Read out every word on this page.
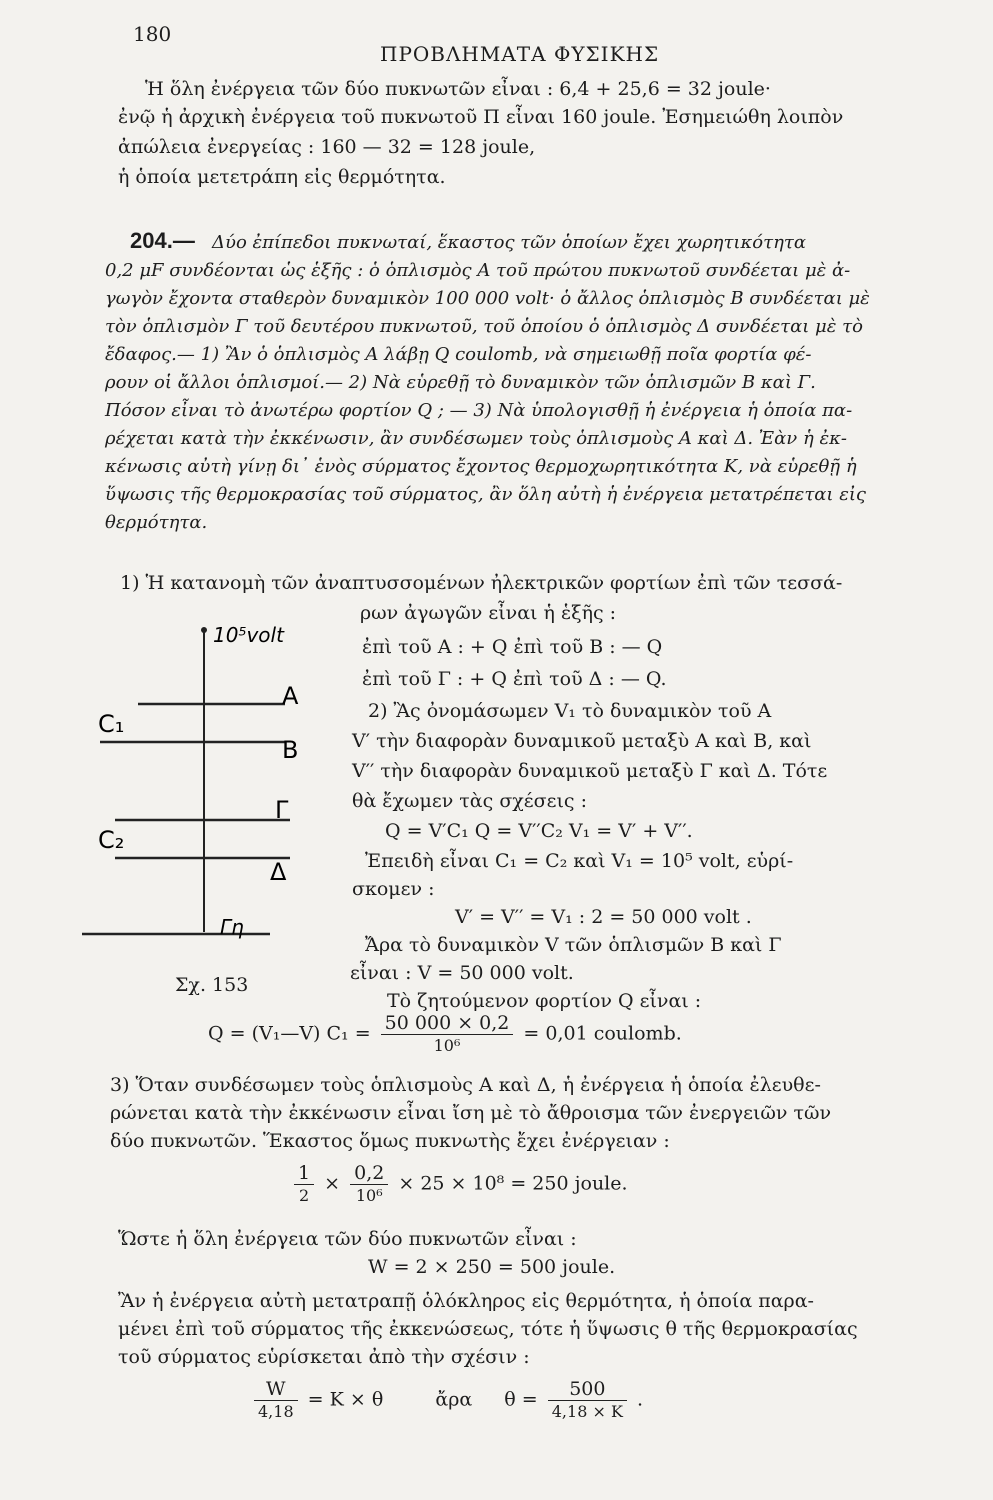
180
ΠΡΟΒΛΗΜΑΤΑ ΦΥΣΙΚΗΣ
Ἡ ὅλη ἐνέργεια τῶν δύο πυκνωτῶν εἶναι : 6,4 + 25,6 = 32 joule·
ἐνῷ ἡ ἀρχικὴ ἐνέργεια τοῦ πυκνωτοῦ Π εἶναι 160 joule. Ἐσημειώθη λοιπὸν
ἀπώλεια ἐνεργείας : 160 — 32 = 128 joule,
ἡ ὁποία μετετράπη εἰς θερμότητα.
204.— Δύο ἐπίπεδοι πυκνωταί, ἕκαστος τῶν ὁποίων ἔχει χωρητικότητα
0,2 μF συνδέονται ὡς ἑξῆς : ὁ ὁπλισμὸς Α τοῦ πρώτου πυκνωτοῦ συνδέεται μὲ ἀ-
γωγὸν ἔχοντα σταθερὸν δυναμικὸν 100 000 volt· ὁ ἄλλος ὁπλισμὸς Β συνδέεται μὲ
τὸν ὁπλισμὸν Γ τοῦ δευτέρου πυκνωτοῦ, τοῦ ὁποίου ὁ ὁπλισμὸς Δ συνδέεται μὲ τὸ
ἔδαφος.— 1) Ἂν ὁ ὁπλισμὸς Α λάβῃ Q coulomb, νὰ σημειωθῇ ποῖα φορτία φέ-
ρουν οἱ ἄλλοι ὁπλισμοί.— 2) Νὰ εὑρεθῇ τὸ δυναμικὸν τῶν ὁπλισμῶν Β καὶ Γ.
Πόσον εἶναι τὸ ἀνωτέρω φορτίον Q ; — 3) Νὰ ὑπολογισθῇ ἡ ἐνέργεια ἡ ὁποία πα-
ρέχεται κατὰ τὴν ἐκκένωσιν, ἂν συνδέσωμεν τοὺς ὁπλισμοὺς Α καὶ Δ. Ἐὰν ἡ ἐκ-
κένωσις αὐτὴ γίνῃ δι᾽ ἑνὸς σύρματος ἔχοντος θερμοχωρητικότητα Κ, νὰ εὑρεθῇ ἡ
ὕψωσις τῆς θερμοκρασίας τοῦ σύρματος, ἂν ὅλη αὐτὴ ἡ ἐνέργεια μετατρέπεται εἰς
θερμότητα.
1) Ἡ κατανομὴ τῶν ἀναπτυσσομένων ἠλεκτρικῶν φορτίων ἐπὶ τῶν τεσσά-
ρων ἀγωγῶν εἶναι ἡ ἑξῆς :
ἐπὶ τοῦ Α : + Q ἐπὶ τοῦ Β : — Q
ἐπὶ τοῦ Γ : + Q ἐπὶ τοῦ Δ : — Q.
2) Ἂς ὀνομάσωμεν V₁ τὸ δυναμικὸν τοῦ Α
V′ τὴν διαφορὰν δυναμικοῦ μεταξὺ Α καὶ Β, καὶ
V′′ τὴν διαφορὰν δυναμικοῦ μεταξὺ Γ καὶ Δ. Τότε
θὰ ἔχωμεν τὰς σχέσεις :
Q = V′C₁ Q = V′′C₂ V₁ = V′ + V′′.
Ἐπειδὴ εἶναι C₁ = C₂ καὶ V₁ = 10⁵ volt, εὑρί-
σκομεν :
V′ = V′′ = V₁ : 2 = 50 000 volt .
Ἄρα τὸ δυναμικὸν V τῶν ὁπλισμῶν Β καὶ Γ
εἶναι : V = 50 000 volt.
Τὸ ζητούμενον φορτίον Q εἶναι :
10⁵volt
Α
Β
Γ
Δ
C₁
C₂
Γη
Σχ. 153
Q = (V₁—V) $C_1 = \frac{50 000 \times 0,2}{\text{10⁶}} = 0,01$ coulomb.
3) Ὅταν συνδέσωμεν τοὺς ὁπλισμοὺς Α καὶ Δ, ἡ ἐνέργεια ἡ ὁποία ἐλευθε-
ρώνεται κατὰ τὴν ἐκκένωσιν εἶναι ἴση μὲ τὸ ἄθροισμα τῶν ἐνεργειῶν τῶν
δύο πυκνωτῶν. Ἕκαστος ὅμως πυκνωτὴς ἔχει ἐνέργειαν :
$\frac{1}{2} \times \frac{0,2}{\text{10⁶}} \times 25 \times 10^8 = 250$ joule.
Ὥστε ἡ ὅλη ἐνέργεια τῶν δύο πυκνωτῶν εἶναι :
W = 2 × 250 = 500 joule.
Ἂν ἡ ἐνέργεια αὐτὴ μετατραπῇ ὁλόκληρος εἰς θερμότητα, ἡ ὁποία παρα-
μένει ἐπὶ τοῦ σύρματος τῆς ἐκκενώσεως, τότε ἡ ὕψωσις θ τῆς θερμοκρασίας
τοῦ σύρματος εὑρίσκεται ἀπὸ τὴν σχέσιν :
$\frac{W}{4,18} = K \times \theta$	ἄρα $\theta = \frac{500}{4,18 \times K}$ .
